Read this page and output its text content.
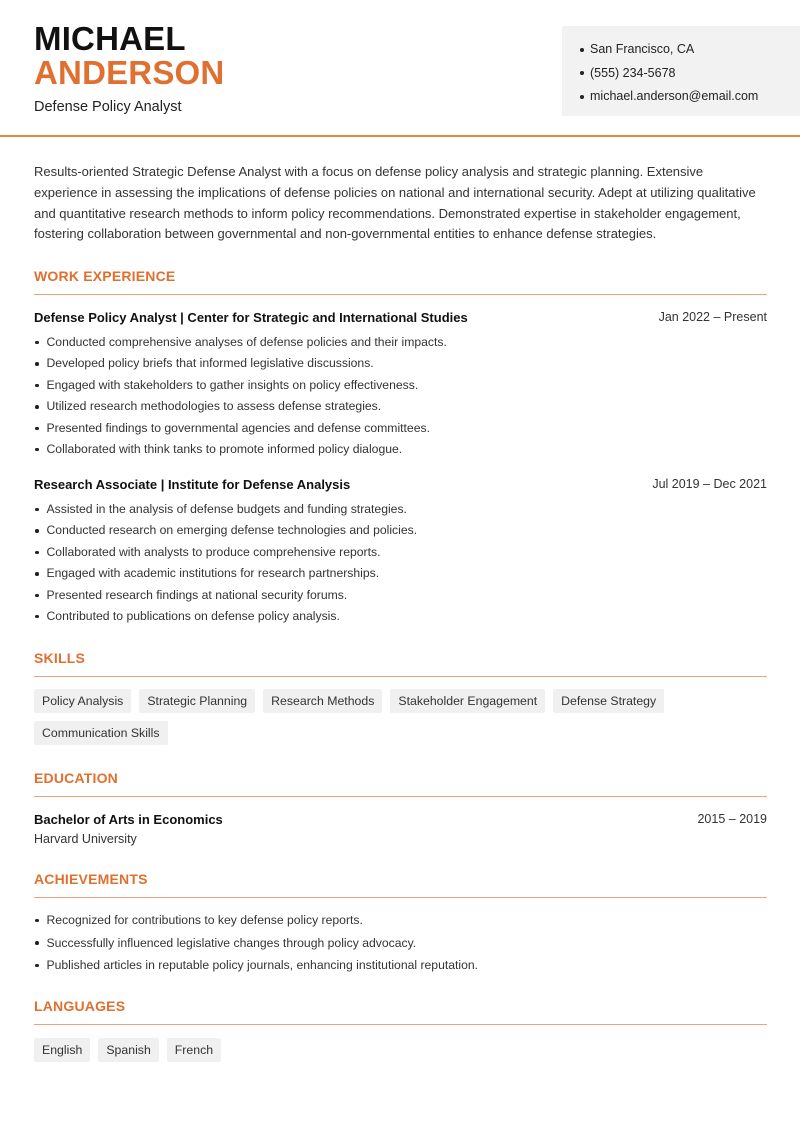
MICHAEL
ANDERSON
Defense Policy Analyst
San Francisco, CA
(555) 234-5678
michael.anderson@email.com
Results-oriented Strategic Defense Analyst with a focus on defense policy analysis and strategic planning. Extensive experience in assessing the implications of defense policies on national and international security. Adept at utilizing qualitative and quantitative research methods to inform policy recommendations. Demonstrated expertise in stakeholder engagement, fostering collaboration between governmental and non-governmental entities to enhance defense strategies.
WORK EXPERIENCE
Defense Policy Analyst | Center for Strategic and International Studies	Jan 2022 – Present
Conducted comprehensive analyses of defense policies and their impacts.
Developed policy briefs that informed legislative discussions.
Engaged with stakeholders to gather insights on policy effectiveness.
Utilized research methodologies to assess defense strategies.
Presented findings to governmental agencies and defense committees.
Collaborated with think tanks to promote informed policy dialogue.
Research Associate | Institute for Defense Analysis	Jul 2019 – Dec 2021
Assisted in the analysis of defense budgets and funding strategies.
Conducted research on emerging defense technologies and policies.
Collaborated with analysts to produce comprehensive reports.
Engaged with academic institutions for research partnerships.
Presented research findings at national security forums.
Contributed to publications on defense policy analysis.
SKILLS
Policy Analysis	Strategic Planning	Research Methods	Stakeholder Engagement	Defense Strategy
Communication Skills
EDUCATION
Bachelor of Arts in Economics	2015 – 2019
Harvard University
ACHIEVEMENTS
Recognized for contributions to key defense policy reports.
Successfully influenced legislative changes through policy advocacy.
Published articles in reputable policy journals, enhancing institutional reputation.
LANGUAGES
English	Spanish	French
